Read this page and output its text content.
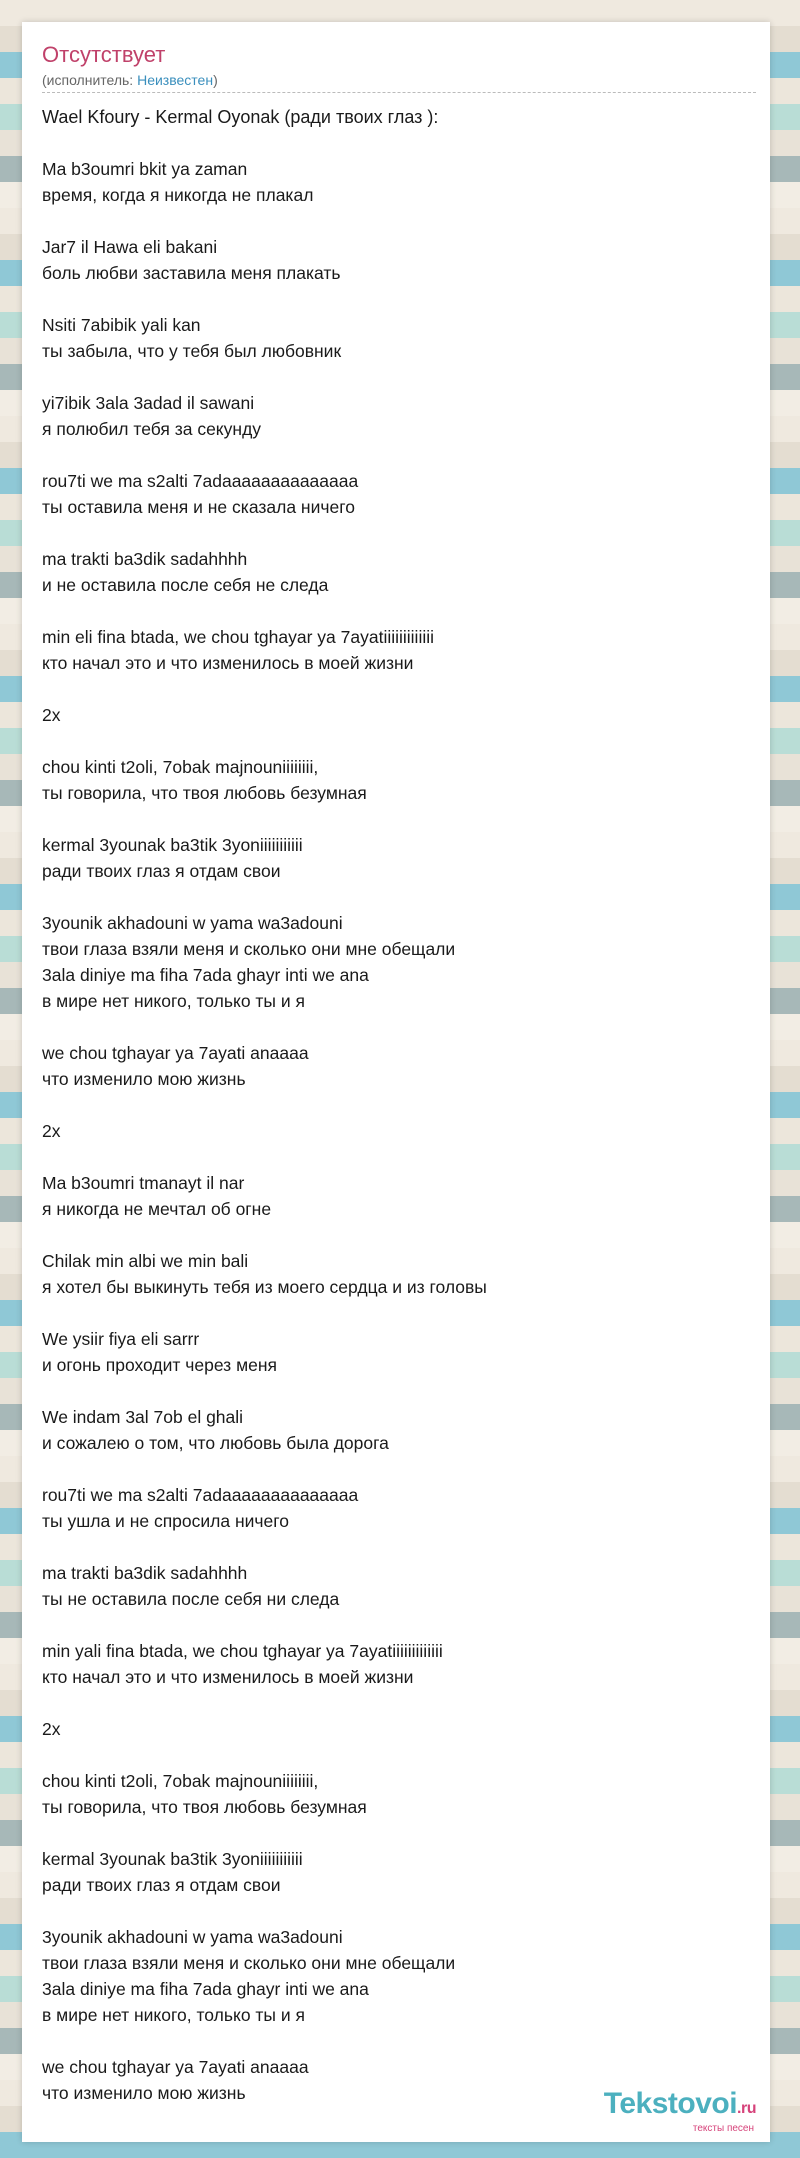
Отсутствует
(исполнитель: Неизвестен)
Wael Kfoury - Kermal Oyonak (ради твоих глаз ):
Ma b3oumri bkit ya zaman
время, когда я никогда не плакал
Jar7 il Hawa eli bakani
боль любви заставила меня плакать
Nsiti 7abibik yali kan
ты забыла, что у тебя был любовник
yi7ibik 3ala 3adad il sawani
я полюбил тебя за секунду
rou7ti we ma s2alti 7adaaaaaaaaaaaaaa
ты оставила меня и не сказала ничего
ma trakti ba3dik sadahhhh
и не оставила после себя не следа
min eli fina btada, we chou tghayar ya 7ayatiiiiiiiiiiiii
кто начал это и что изменилось в моей жизни
2x
chou kinti t2oli, 7obak majnouniiiiiiii,
ты говорила, что твоя любовь безумная
kermal 3younak ba3tik 3yoniiiiiiiiiii
ради твоих глаз я отдам свои
3younik akhadouni w yama wa3adouni
твои глаза взяли меня и сколько они мне обещали
3ala diniye ma fiha 7ada ghayr inti we ana
в мире нет никого, только ты и я
we chou tghayar ya 7ayati anaaaa
что изменило мою жизнь
2x
Ma b3oumri tmanayt il nar
я никогда не мечтал об огне
Chilak min albi we min bali
я хотел бы выкинуть тебя из моего сердца и из головы
We ysiir fiya eli sarrr
и огонь проходит через меня
We indam 3al 7ob el ghali
и сожалею о том, что любовь была дорога
rou7ti we ma s2alti 7adaaaaaaaaaaaaaa
ты ушла и не спросила ничего
ma trakti ba3dik sadahhhh
ты не оставила после себя ни следа
min yali fina btada, we chou tghayar ya 7ayatiiiiiiiiiiiii
кто начал это и что изменилось в моей жизни
2x
chou kinti t2oli, 7obak majnouniiiiiiii,
ты говорила, что твоя любовь безумная
kermal 3younak ba3tik 3yoniiiiiiiiiii
ради твоих глаз я отдам свои
3younik akhadouni w yama wa3adouni
твои глаза взяли меня и сколько они мне обещали
3ala diniye ma fiha 7ada ghayr inti we ana
в мире нет никого, только ты и я
we chou tghayar ya 7ayati anaaaa
что изменило мою жизнь	Tekstovoi.ru
тексты песен
